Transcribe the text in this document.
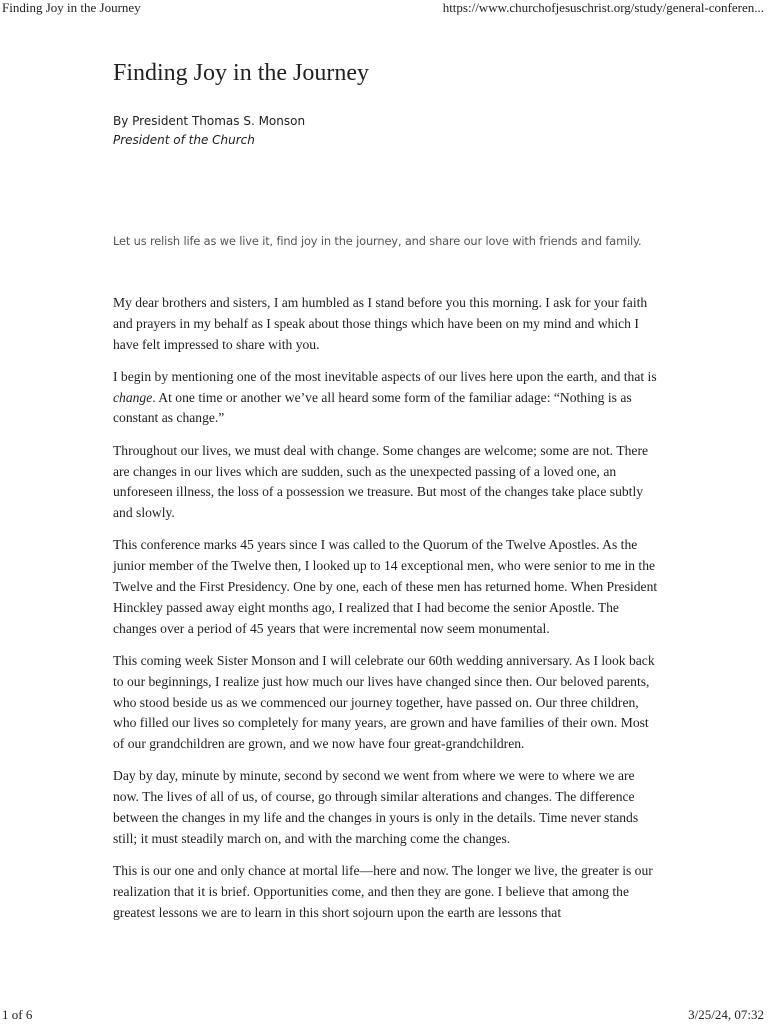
Finding Joy in the Journey	https://www.churchofjesuschrist.org/study/general-conferen...
Finding Joy in the Journey
By President Thomas S. Monson
President of the Church
Let us relish life as we live it, find joy in the journey, and share our love with friends and family.

My dear brothers and sisters, I am humbled as I stand before you this morning. I ask for your faith and prayers in my behalf as I speak about those things which have been on my mind and which I have felt impressed to share with you.

I begin by mentioning one of the most inevitable aspects of our lives here upon the earth, and that is change. At one time or another we’ve all heard some form of the familiar adage: “Nothing is as constant as change.”

Throughout our lives, we must deal with change. Some changes are welcome; some are not. There are changes in our lives which are sudden, such as the unexpected passing of a loved one, an unforeseen illness, the loss of a possession we treasure. But most of the changes take place subtly and slowly.

This conference marks 45 years since I was called to the Quorum of the Twelve Apostles. As the junior member of the Twelve then, I looked up to 14 exceptional men, who were senior to me in the Twelve and the First Presidency. One by one, each of these men has returned home. When President Hinckley passed away eight months ago, I realized that I had become the senior Apostle. The changes over a period of 45 years that were incremental now seem monumental.

This coming week Sister Monson and I will celebrate our 60th wedding anniversary. As I look back to our beginnings, I realize just how much our lives have changed since then. Our beloved parents, who stood beside us as we commenced our journey together, have passed on. Our three children, who filled our lives so completely for many years, are grown and have families of their own. Most of our grandchildren are grown, and we now have four great-grandchildren.

Day by day, minute by minute, second by second we went from where we were to where we are now. The lives of all of us, of course, go through similar alterations and changes. The difference between the changes in my life and the changes in yours is only in the details. Time never stands still; it must steadily march on, and with the marching come the changes.

This is our one and only chance at mortal life—here and now. The longer we live, the greater is our realization that it is brief. Opportunities come, and then they are gone. I believe that among the greatest lessons we are to learn in this short sojourn upon the earth are lessons that

1 of 6	3/25/24, 07:32
